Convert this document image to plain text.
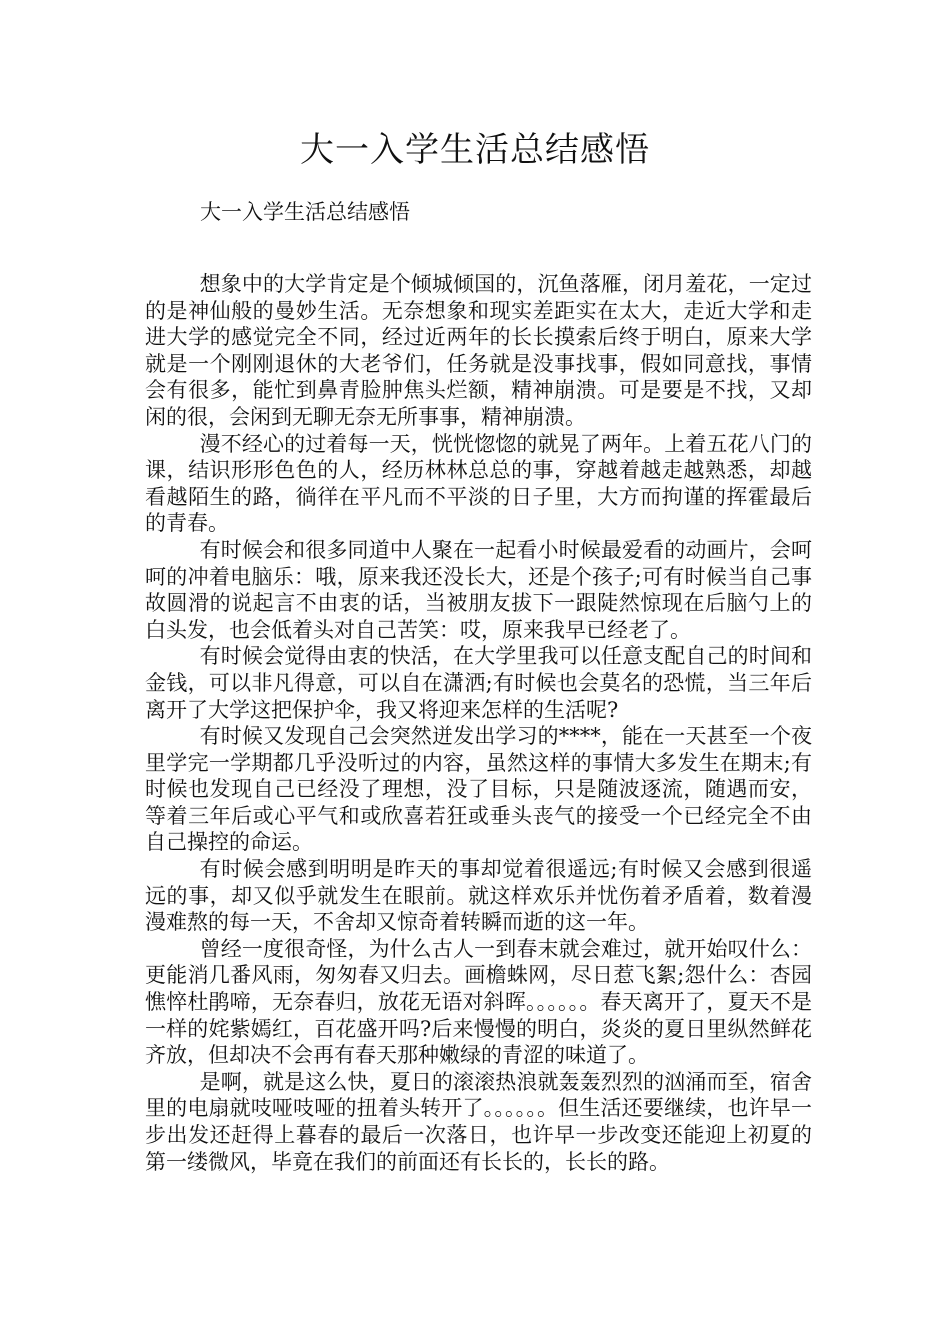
大一入学生活总结感悟

大一入学生活总结感悟

想象中的大学肯定是个倾城倾国的，沉鱼落雁，闭月羞花，一定过的是神仙般的曼妙生活。无奈想象和现实差距实在太大，走近大学和走进大学的感觉完全不同，经过近两年的长长摸索后终于明白，原来大学就是一个刚刚退休的大老爷们，任务就是没事找事，假如同意找，事情会有很多，能忙到鼻青脸肿焦头烂额，精神崩溃。可是要是不找，又却闲的很，会闲到无聊无奈无所事事，精神崩溃。

漫不经心的过着每一天，恍恍惚惚的就晃了两年。上着五花八门的课，结识形形色色的人，经历林林总总的事，穿越着越走越熟悉，却越看越陌生的路，徜徉在平凡而不平淡的日子里，大方而拘谨的挥霍最后的青春。

有时候会和很多同道中人聚在一起看小时候最爱看的动画片，会呵呵的冲着电脑乐：哦，原来我还没长大，还是个孩子;可有时候当自己事故圆滑的说起言不由衷的话，当被朋友拔下一跟陡然惊现在后脑勺上的白头发，也会低着头对自己苦笑：哎，原来我早已经老了。

有时候会觉得由衷的快活，在大学里我可以任意支配自己的时间和金钱，可以非凡得意，可以自在潇洒;有时候也会莫名的恐慌，当三年后离开了大学这把保护伞，我又将迎来怎样的生活呢?

有时候又发现自己会突然迸发出学习的****，能在一天甚至一个夜里学完一学期都几乎没听过的内容，虽然这样的事情大多发生在期末;有时候也发现自己已经没了理想，没了目标，只是随波逐流，随遇而安，等着三年后或心平气和或欣喜若狂或垂头丧气的接受一个已经完全不由自己操控的命运。

有时候会感到明明是昨天的事却觉着很遥远;有时候又会感到很遥远的事，却又似乎就发生在眼前。就这样欢乐并忧伤着矛盾着，数着漫漫难熬的每一天，不舍却又惊奇着转瞬而逝的这一年。

曾经一度很奇怪，为什么古人一到春末就会难过，就开始叹什么：更能消几番风雨，匆匆春又归去。画檐蛛网，尽日惹飞絮;怨什么：杏园憔悴杜鹃啼，无奈春归，放花无语对斜晖。。。。。。春天离开了，夏天不是一样的姹紫嫣红，百花盛开吗?后来慢慢的明白，炎炎的夏日里纵然鲜花齐放，但却决不会再有春天那种嫩绿的青涩的味道了。

是啊，就是这么快，夏日的滚滚热浪就轰轰烈烈的汹涌而至，宿舍里的电扇就吱哑吱哑的扭着头转开了。。。。。。但生活还要继续，也许早一步出发还赶得上暮春的最后一次落日，也许早一步改变还能迎上初夏的第一缕微风，毕竟在我们的前面还有长长的，长长的路。
